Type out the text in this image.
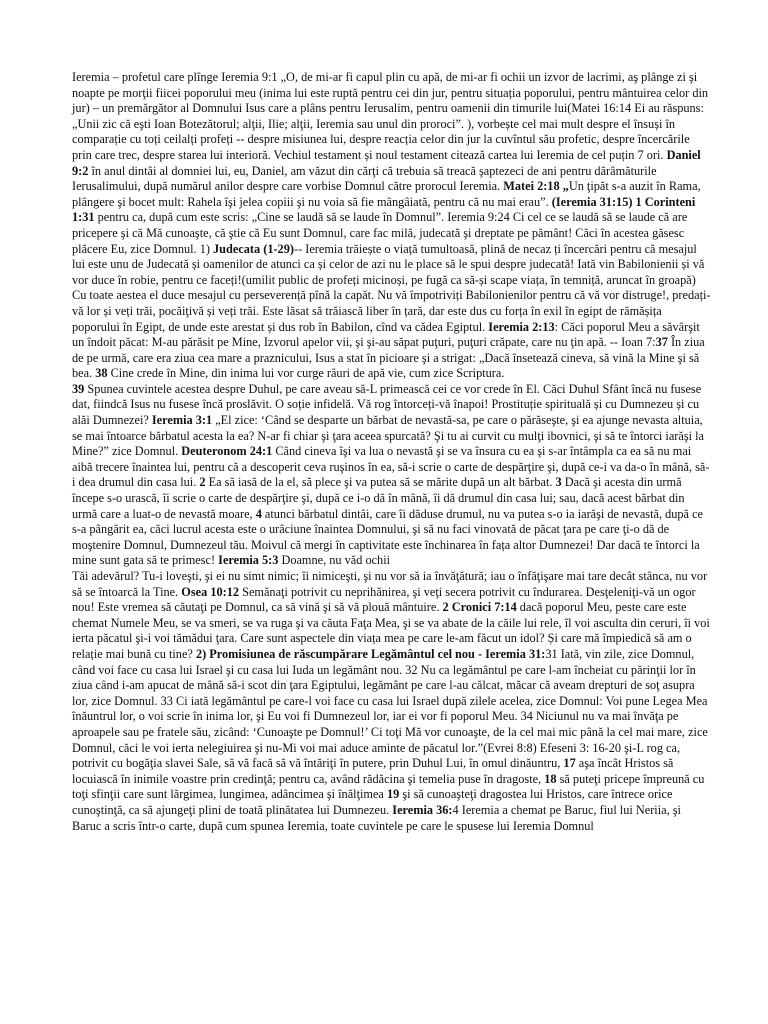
Ieremia – profetul care plînge Ieremia 9:1 „O, de mi-ar fi capul plin cu apă, de mi-ar fi ochii un izvor de lacrimi, aş plânge zi şi noapte pe morţii fiicei poporului meu (inima lui este ruptă pentru cei din jur, pentru situația poporului, pentru mântuirea celor din jur) – un premărgător al Domnului Isus care a plâns pentru Ierusalim, pentru oamenii din timurile lui(Matei 16:14 Ei au răspuns: „Unii zic că eşti Ioan Botezătorul; alţii, Ilie; alţii, Ieremia sau unul din proroci”. ), vorbește cel mai mult despre el însuși în comparație cu toți ceilalți profeți -- despre misiunea lui, despre reacția celor din jur la cuvîntul său profetic, despre încercările prin care trec, despre starea lui interioră. Vechiul testament și noul testament citează cartea lui Ieremia de cel puțin 7 ori. Daniel 9:2 în anul dintâi al domniei lui, eu, Daniel, am văzut din cărţi că trebuia să treacă şaptezeci de ani pentru dărâmăturile Ierusalimului, după numărul anilor despre care vorbise Domnul către prorocul Ieremia. Matei 2:18 „Un ţipăt s-a auzit în Rama, plângere şi bocet mult: Rahela îşi jelea copiii şi nu voia să fie mângâiată, pentru că nu mai erau”. (Ieremia 31:15) 1 Corinteni 1:31 pentru ca, după cum este scris: „Cine se laudă să se laude în Domnul”. Ieremia 9:24 Ci cel ce se laudă să se laude că are pricepere şi că Mă cunoaşte, că ştie că Eu sunt Domnul, care fac milă, judecată şi dreptate pe pământ! Căci în acestea găsesc plăcere Eu, zice Domnul. 1) Judecata (1-29)-- Ieremia trăiește o viață tumultoasă, plină de necaz ți încercări pentru că mesajul lui este unu de Judecată și oamenilor de atunci ca și celor de azi nu le place să le spui despre judecată! Iată vin Babilonienii și vă vor duce în robie, pentru ce faceți!(umilit public de profeți micinoși, pe fugă ca să-și scape viața, în temniță, aruncat în groapă) Cu toate aestea el duce mesajul cu perseverență pînă la capăt. Nu vă împotriviți Babilonienilor pentru că vă vor distruge!, predați-vă lor și veți trăi, pocăiţivă și veți trăi. Este lăsat să trăiască liber în țară, dar este dus cu forța în exil în egipt de rămășița poporului în Egipt, de unde este arestat și dus rob în Babilon, cînd va cădea Egiptul. Ieremia 2:13: Căci poporul Meu a săvârşit un îndoit păcat: M-au părăsit pe Mine, Izvorul apelor vii, şi şi-au săpat puţuri, puţuri crăpate, care nu ţin apă. -- Ioan 7:37 În ziua de pe urmă, care era ziua cea mare a praznicului, Isus a stat în picioare şi a strigat: „Dacă însetează cineva, să vină la Mine şi să bea. 38 Cine crede în Mine, din inima lui vor curge râuri de apă vie, cum zice Scriptura.

39 Spunea cuvintele acestea despre Duhul, pe care aveau să-L primească cei ce vor crede în El. Căci Duhul Sfânt încă nu fusese dat, fiindcă Isus nu fusese încă proslăvit. O soție infidelă. Vă rog întorceți-vă înapoi! Prostituție spirituală și cu Dumnezeu și cu alăi Dumnezei? Ieremia 3:1 „El zice: ‘Când se desparte un bărbat de nevastă-sa, pe care o părăseşte, şi ea ajunge nevasta altuia, se mai întoarce bărbatul acesta la ea? N-ar fi chiar şi ţara aceea spurcată? Şi tu ai curvit cu mulţi ibovnici, şi să te întorci iarăşi la Mine?” zice Domnul. Deuteronom 24:1 Când cineva îşi va lua o nevastă şi se va însura cu ea şi s-ar întâmpla ca ea să nu mai aibă trecere înaintea lui, pentru că a descoperit ceva ruşinos în ea, să-i scrie o carte de despărţire şi, după ce-i va da-o în mână, să-i dea drumul din casa lui. 2 Ea să iasă de la el, să plece şi va putea să se mărite după un alt bărbat. 3 Dacă şi acesta din urmă începe s-o urască, îi scrie o carte de despărţire şi, după ce i-o dă în mână, îi dă drumul din casa lui; sau, dacă acest bărbat din urmă care a luat-o de nevastă moare, 4 atunci bărbatul dintâi, care îi dăduse drumul, nu va putea s-o ia iarăşi de nevastă, după ce s-a pângărit ea, căci lucrul acesta este o urâciune înaintea Domnului, şi să nu faci vinovată de păcat ţara pe care ţi-o dă de moştenire Domnul, Dumnezeul tău. Moivul că mergi în captivitate este închinarea în fața altor Dumnezei! Dar dacă te întorci la mine sunt gata să te primesc! Ieremia 5:3 Doamne, nu văd ochii

Tăi adevărul? Tu-i loveşti, şi ei nu simt nimic; îi nimiceşti, şi nu vor să ia învăţătură; iau o înfăţişare mai tare decât stânca, nu vor să se întoarcă la Tine. Osea 10:12 Semănaţi potrivit cu neprihănirea, şi veţi secera potrivit cu îndurarea. Desţeleniţi-vă un ogor nou! Este vremea să căutaţi pe Domnul, ca să vină şi să vă plouă mântuire. 2 Cronici 7:14 dacă poporul Meu, peste care este chemat Numele Meu, se va smeri, se va ruga şi va căuta Faţa Mea, şi se va abate de la căile lui rele, îl voi asculta din ceruri, îi voi ierta păcatul şi-i voi tămădui ţara. Care sunt aspectele din viața mea pe care le-am făcut un idol? Și care mă împiedică să am o relație mai bună cu tine? 2) Promisiunea de răscumpărare Legământul cel nou - Ieremia 31:31 Iată, vin zile, zice Domnul, când voi face cu casa lui Israel şi cu casa lui Iuda un legământ nou. 32 Nu ca legământul pe care l-am încheiat cu părinţii lor în ziua când i-am apucat de mână să-i scot din ţara Egiptului, legământ pe care l-au călcat, măcar că aveam drepturi de soţ asupra lor, zice Domnul. 33 Ci iată legământul pe care-l voi face cu casa lui Israel după zilele acelea, zice Domnul: Voi pune Legea Mea înăuntrul lor, o voi scrie în inima lor, şi Eu voi fi Dumnezeul lor, iar ei vor fi poporul Meu. 34 Niciunul nu va mai învăţa pe aproapele sau pe fratele său, zicând: ‘Cunoaşte pe Domnul!’ Ci toţi Mă vor cunoaşte, de la cel mai mic până la cel mai mare, zice Domnul, căci le voi ierta nelegiuirea şi nu-Mi voi mai aduce aminte de păcatul lor.”(Evrei 8:8) Efeseni 3: 16-20 şi-L rog ca, potrivit cu bogăţia slavei Sale, să vă facă să vă întăriţi în putere, prin Duhul Lui, în omul dinăuntru, 17 aşa încât Hristos să locuiască în inimile voastre prin credinţă; pentru ca, având rădăcina şi temelia puse în dragoste, 18 să puteţi pricepe împreună cu toţi sfinţii care sunt lărgimea, lungimea, adâncimea şi înălţimea 19 şi să cunoaşteţi dragostea lui Hristos, care întrece orice cunoştinţă, ca să ajungeţi plini de toată plinătatea lui Dumnezeu. Ieremia 36:4 Ieremia a chemat pe Baruc, fiul lui Neriia, şi Baruc a scris într-o carte, după cum spunea Ieremia, toate cuvintele pe care le spusese lui Ieremia Domnul
